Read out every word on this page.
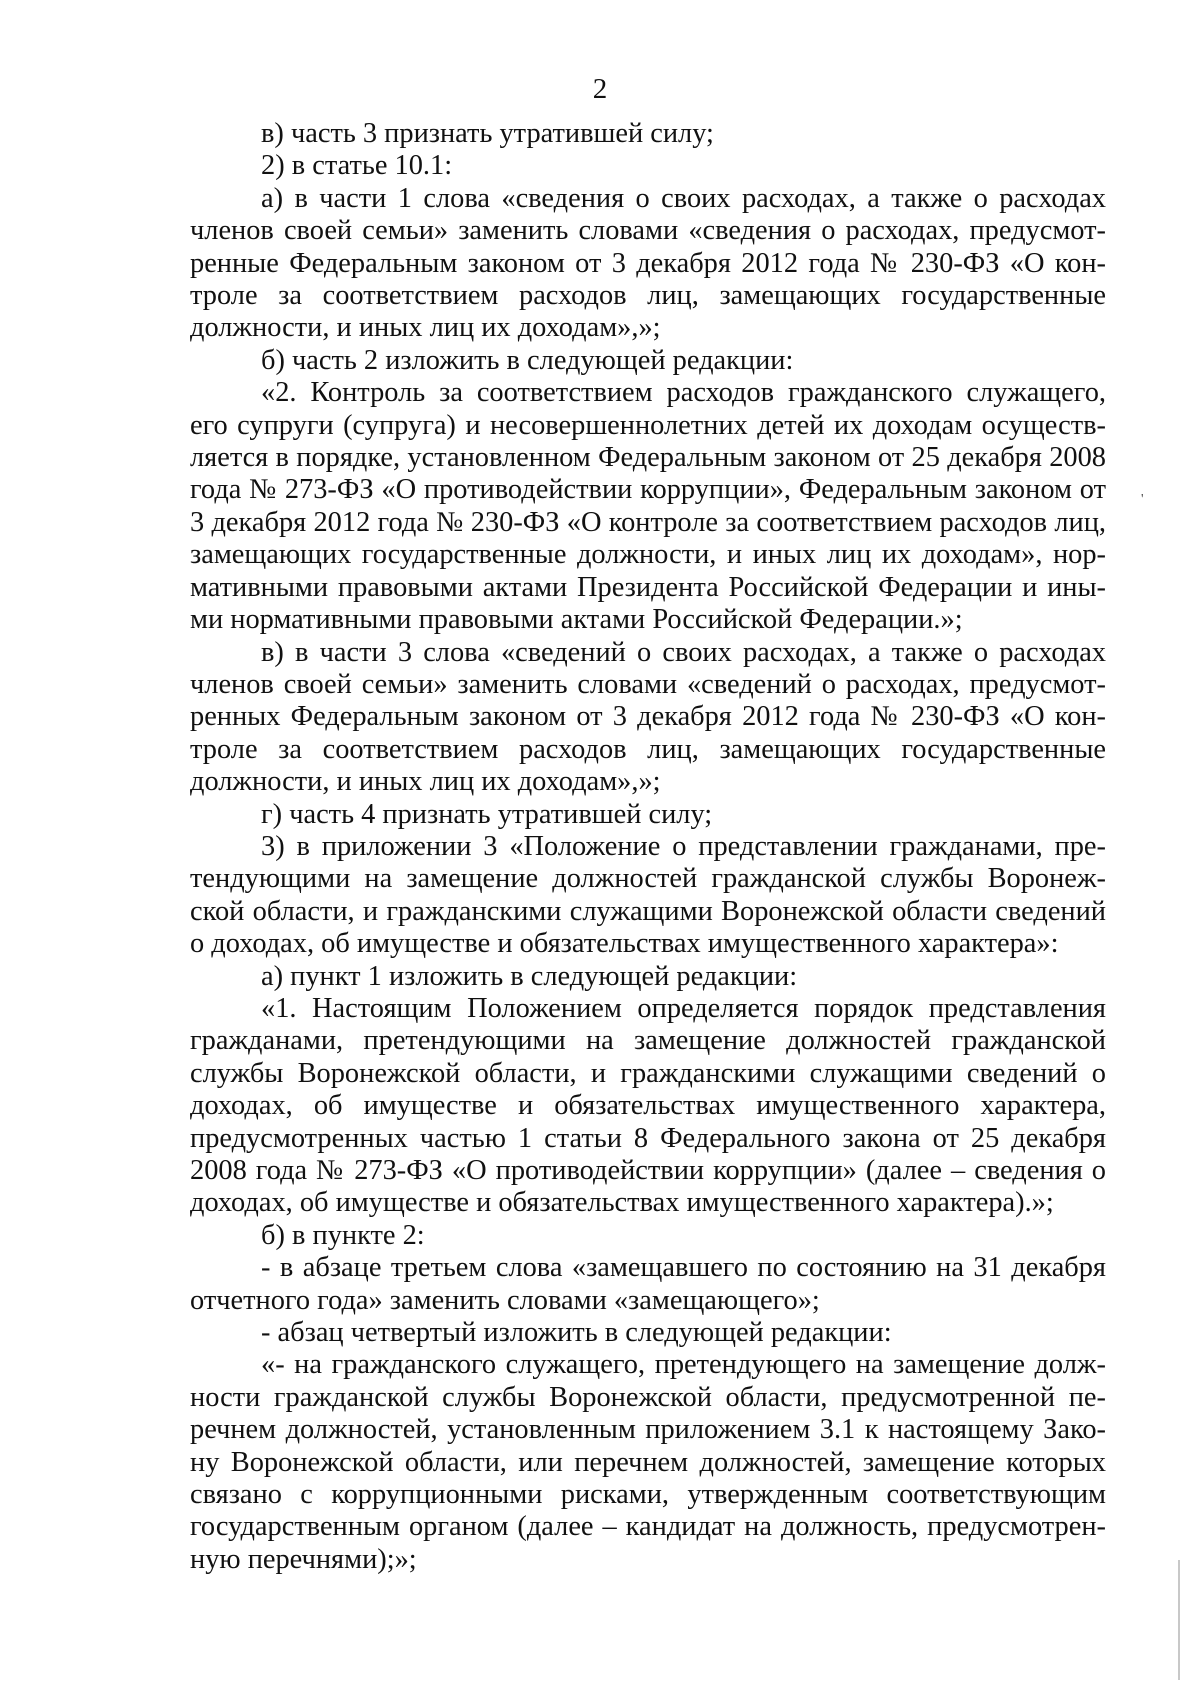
2

в) часть 3 признать утратившей силу;

2) в статье 10.1:

а) в части 1 слова «сведения о своих расходах, а также о расходах членов своей семьи» заменить словами «сведения о расходах, предусмотренные Федеральным законом от 3 декабря 2012 года № 230-ФЗ «О контроле за соответствием расходов лиц, замещающих государственные должности, и иных лиц их доходам»,»;

б) часть 2 изложить в следующей редакции:

«2. Контроль за соответствием расходов гражданского служащего, его супруги (супруга) и несовершеннолетних детей их доходам осуществляется в порядке, установленном Федеральным законом от 25 декабря 2008 года № 273-ФЗ «О противодействии коррупции», Федеральным законом от 3 декабря 2012 года № 230-ФЗ «О контроле за соответствием расходов лиц, замещающих государственные должности, и иных лиц их доходам», нормативными правовыми актами Президента Российской Федерации и иными нормативными правовыми актами Российской Федерации.»;

в) в части 3 слова «сведений о своих расходах, а также о расходах членов своей семьи» заменить словами «сведений о расходах, предусмотренных Федеральным законом от 3 декабря 2012 года № 230-ФЗ «О контроле за соответствием расходов лиц, замещающих государственные должности, и иных лиц их доходам»,»;

г) часть 4 признать утратившей силу;

3) в приложении 3 «Положение о представлении гражданами, претендующими на замещение должностей гражданской службы Воронежской области, и гражданскими служащими Воронежской области сведений о доходах, об имуществе и обязательствах имущественного характера»:

а) пункт 1 изложить в следующей редакции:

«1. Настоящим Положением определяется порядок представления гражданами, претендующими на замещение должностей гражданской службы Воронежской области, и гражданскими служащими сведений о доходах, об имуществе и обязательствах имущественного характера, предусмотренных частью 1 статьи 8 Федерального закона от 25 декабря 2008 года № 273-ФЗ «О противодействии коррупции» (далее – сведения о доходах, об имуществе и обязательствах имущественного характера).»;

б) в пункте 2:

- в абзаце третьем слова «замещавшего по состоянию на 31 декабря отчетного года» заменить словами «замещающего»;

- абзац четвертый изложить в следующей редакции:

«- на гражданского служащего, претендующего на замещение должности гражданской службы Воронежской области, предусмотренной перечнем должностей, установленным приложением 3.1 к настоящему Закону Воронежской области, или перечнем должностей, замещение которых связано с коррупционными рисками, утвержденным соответствующим государственным органом (далее – кандидат на должность, предусмотренную перечнями);»;

'
